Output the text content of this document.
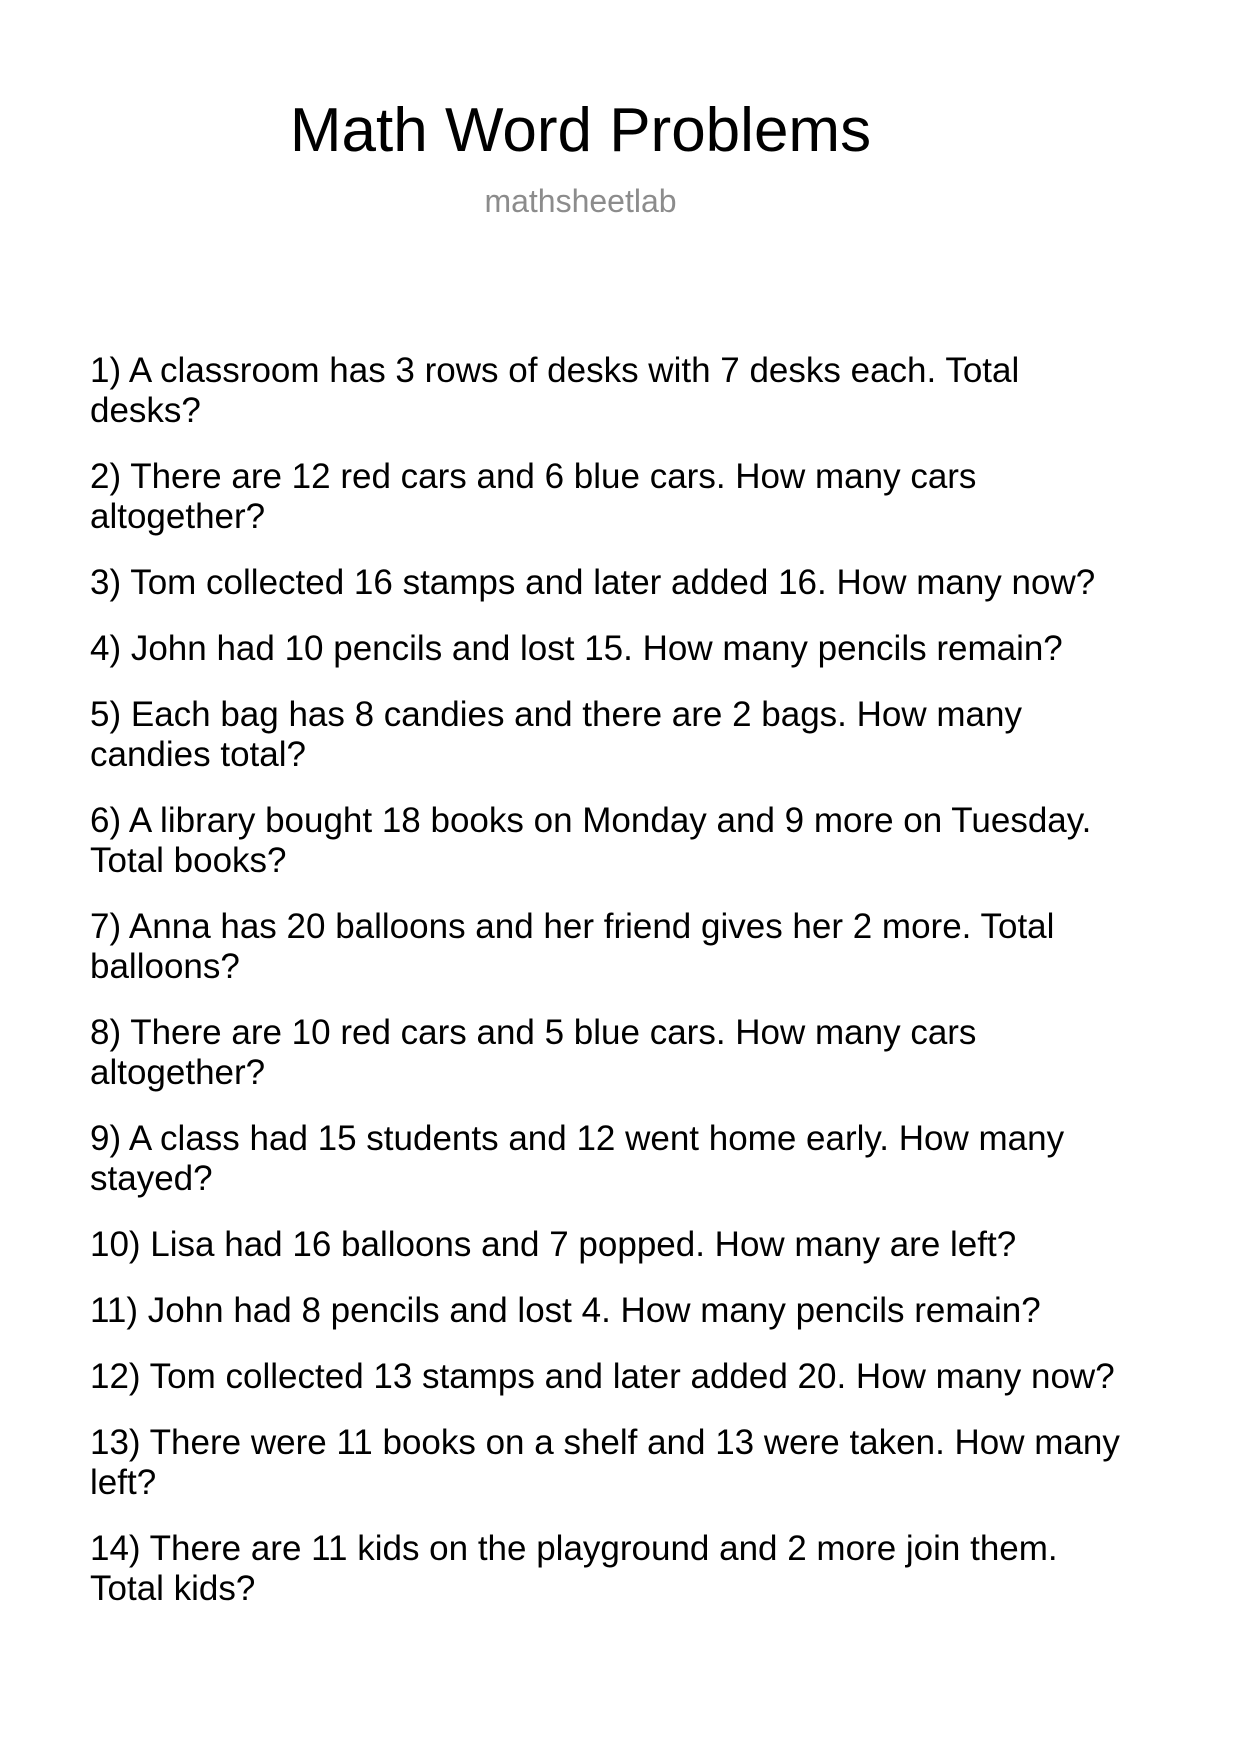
Math Word Problems
mathsheetlab

1) A classroom has 3 rows of desks with 7 desks each. Total desks?

2) There are 12 red cars and 6 blue cars. How many cars altogether?

3) Tom collected 16 stamps and later added 16. How many now?

4) John had 10 pencils and lost 15. How many pencils remain?

5) Each bag has 8 candies and there are 2 bags. How many candies total?

6) A library bought 18 books on Monday and 9 more on Tuesday. Total books?

7) Anna has 20 balloons and her friend gives her 2 more. Total balloons?

8) There are 10 red cars and 5 blue cars. How many cars altogether?

9) A class had 15 students and 12 went home early. How many stayed?

10) Lisa had 16 balloons and 7 popped. How many are left?

11) John had 8 pencils and lost 4. How many pencils remain?

12) Tom collected 13 stamps and later added 20. How many now?

13) There were 11 books on a shelf and 13 were taken. How many left?

14) There are 11 kids on the playground and 2 more join them. Total kids?
